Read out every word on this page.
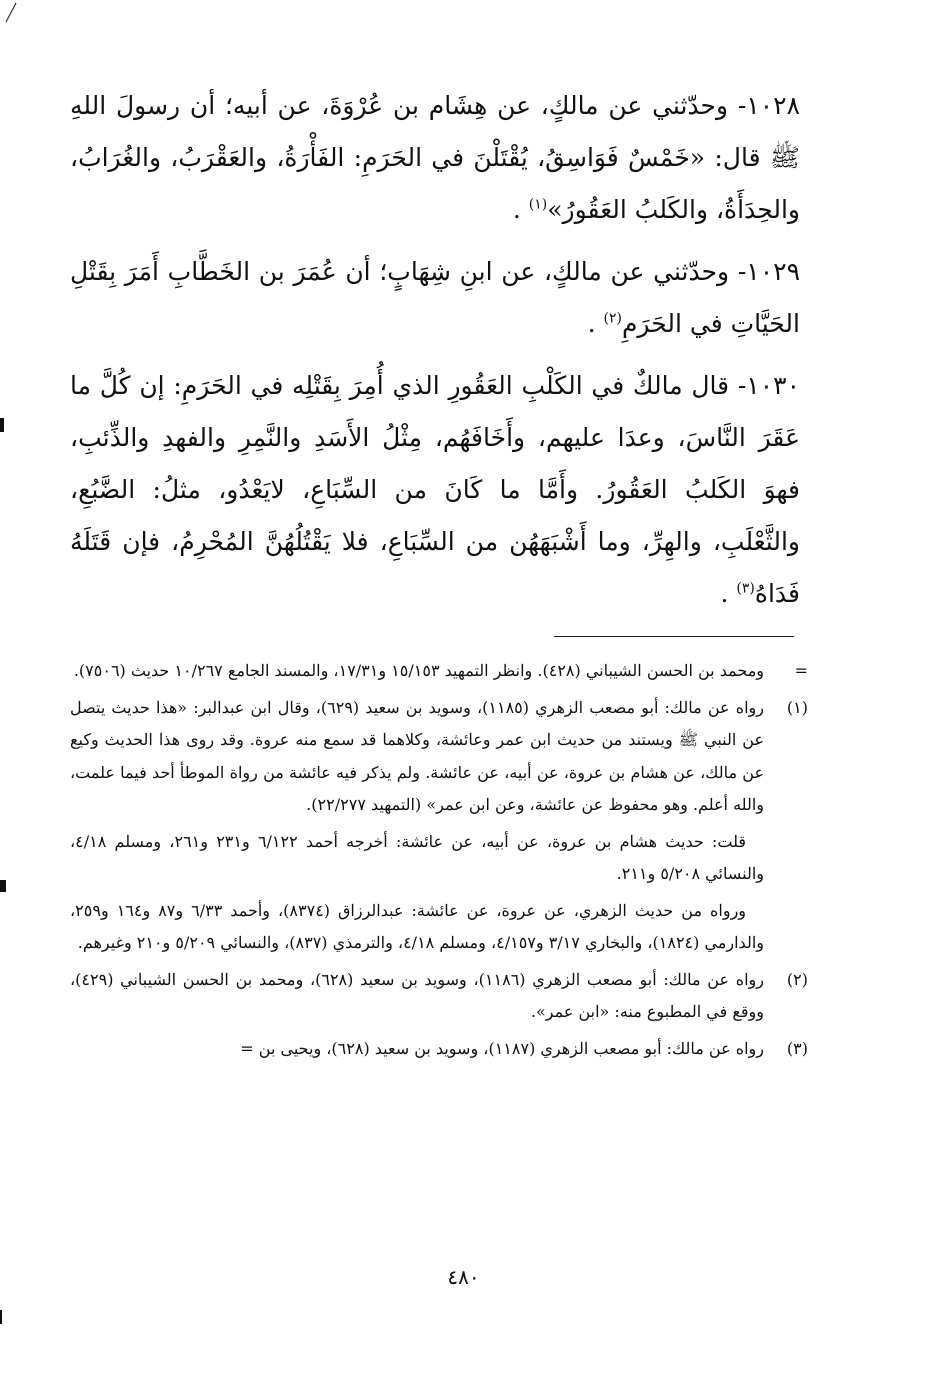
١٠٢٨- وحدّثني عن مالكٍ، عن هِشَام بن عُرْوَةَ، عن أبيه؛ أن رسولَ اللهِ ﷺ قال: «خَمْسٌ فَوَاسِقُ، يُقْتَلْنَ في الحَرَمِ: الفَأْرَةُ، والعَقْرَبُ، والغُرَابُ، والحِدَأَةُ، والكَلبُ العَقُورُ»$^{(١)}$ .

١٠٢٩- وحدّثني عن مالكٍ، عن ابنِ شِهَابٍ؛ أن عُمَرَ بن الخَطَّابِ أَمَرَ بِقَتْلِ الحَيَّاتِ في الحَرَمِ$^{(٢)}$ .

١٠٣٠- قال مالكٌ في الكَلْبِ العَقُورِ الذي أُمِرَ بِقَتْلِه في الحَرَمِ: إن كُلَّ ما عَقَرَ النَّاسَ، وعدَا عليهم، وأَخَافَهُم، مِثْلُ الأَسَدِ والنَّمِرِ والفهدِ والذِّئبِ، فهوَ الكَلبُ العَقُورُ. وأَمَّا ما كَانَ من السِّبَاعِ، لايَعْدُو، مثلُ: الضَّبُعِ، والثَّعْلَبِ، والهِرِّ، وما أَشْبَهَهُن من السِّبَاعِ، فلا يَقْتُلُهُنَّ المُحْرِمُ، فإن قَتَلَهُ فَدَاهُ$^{(٣)}$ .

=

ومحمد بن الحسن الشيباني (٤٢٨). وانظر التمهيد ١٥/١٥٣ و١٧/٣١، والمسند الجامع ١٠/٢٦٧ حديث (٧٥٠٦).

(١)

رواه عن مالك: أبو مصعب الزهري (١١٨٥)، وسويد بن سعيد (٦٢٩)، وقال ابن عبدالبر: «هذا حديث يتصل عن النبي ﷺ ويستند من حديث ابن عمر وعائشة، وكلاهما قد سمع منه عروة. وقد روى هذا الحديث وكيع عن مالك، عن هشام بن عروة، عن أبيه، عن عائشة. ولم يذكر فيه عائشة من رواة الموطأ أحد فيما علمت، والله أعلم. وهو محفوظ عن عائشة، وعن ابن عمر» (التمهيد ٢٢/٢٧٧).

قلت: حديث هشام بن عروة، عن أبيه، عن عائشة: أخرجه أحمد ٦/١٢٢ و٢٣١ و٢٦١، ومسلم ٤/١٨، والنسائي ٥/٢٠٨ و٢١١.

ورواه من حديث الزهري، عن عروة، عن عائشة: عبدالرزاق (٨٣٧٤)، وأحمد ٦/٣٣ و٨٧ و١٦٤ و٢٥٩، والدارمي (١٨٢٤)، والبخاري ٣/١٧ و٤/١٥٧، ومسلم ٤/١٨، والترمذي (٨٣٧)، والنسائي ٥/٢٠٩ و٢١٠ وغيرهم.

(٢)

رواه عن مالك: أبو مصعب الزهري (١١٨٦)، وسويد بن سعيد (٦٢٨)، ومحمد بن الحسن الشيباني (٤٢٩)، ووقع في المطبوع منه: «ابن عمر».

(٣)

رواه عن مالك: أبو مصعب الزهري (١١٨٧)، وسويد بن سعيد (٦٢٨)، ويحيى بن =

٤٨٠
